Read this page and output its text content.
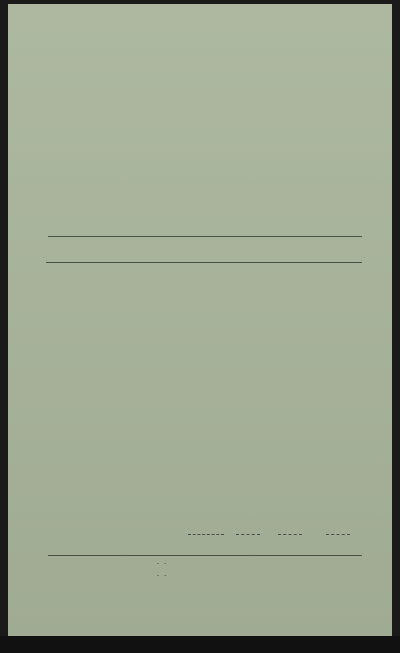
- -
- -
